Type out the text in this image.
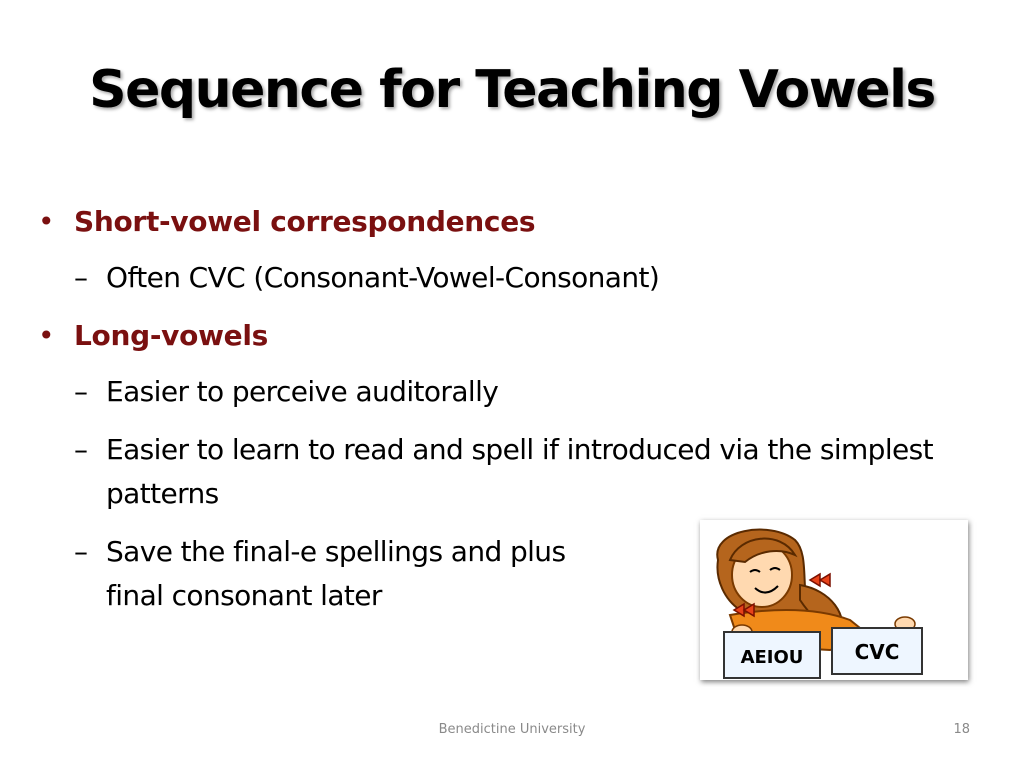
Sequence for Teaching Vowels
• Short-vowel correspondences
– Often CVC (Consonant-Vowel-Consonant)
• Long-vowels
– Easier to perceive auditorally
– Easier to learn to read and spell if introduced via the simplest patterns
– Save the final-e spellings and plus final consonant later
AEIOU	CVC
Benedictine University	18
